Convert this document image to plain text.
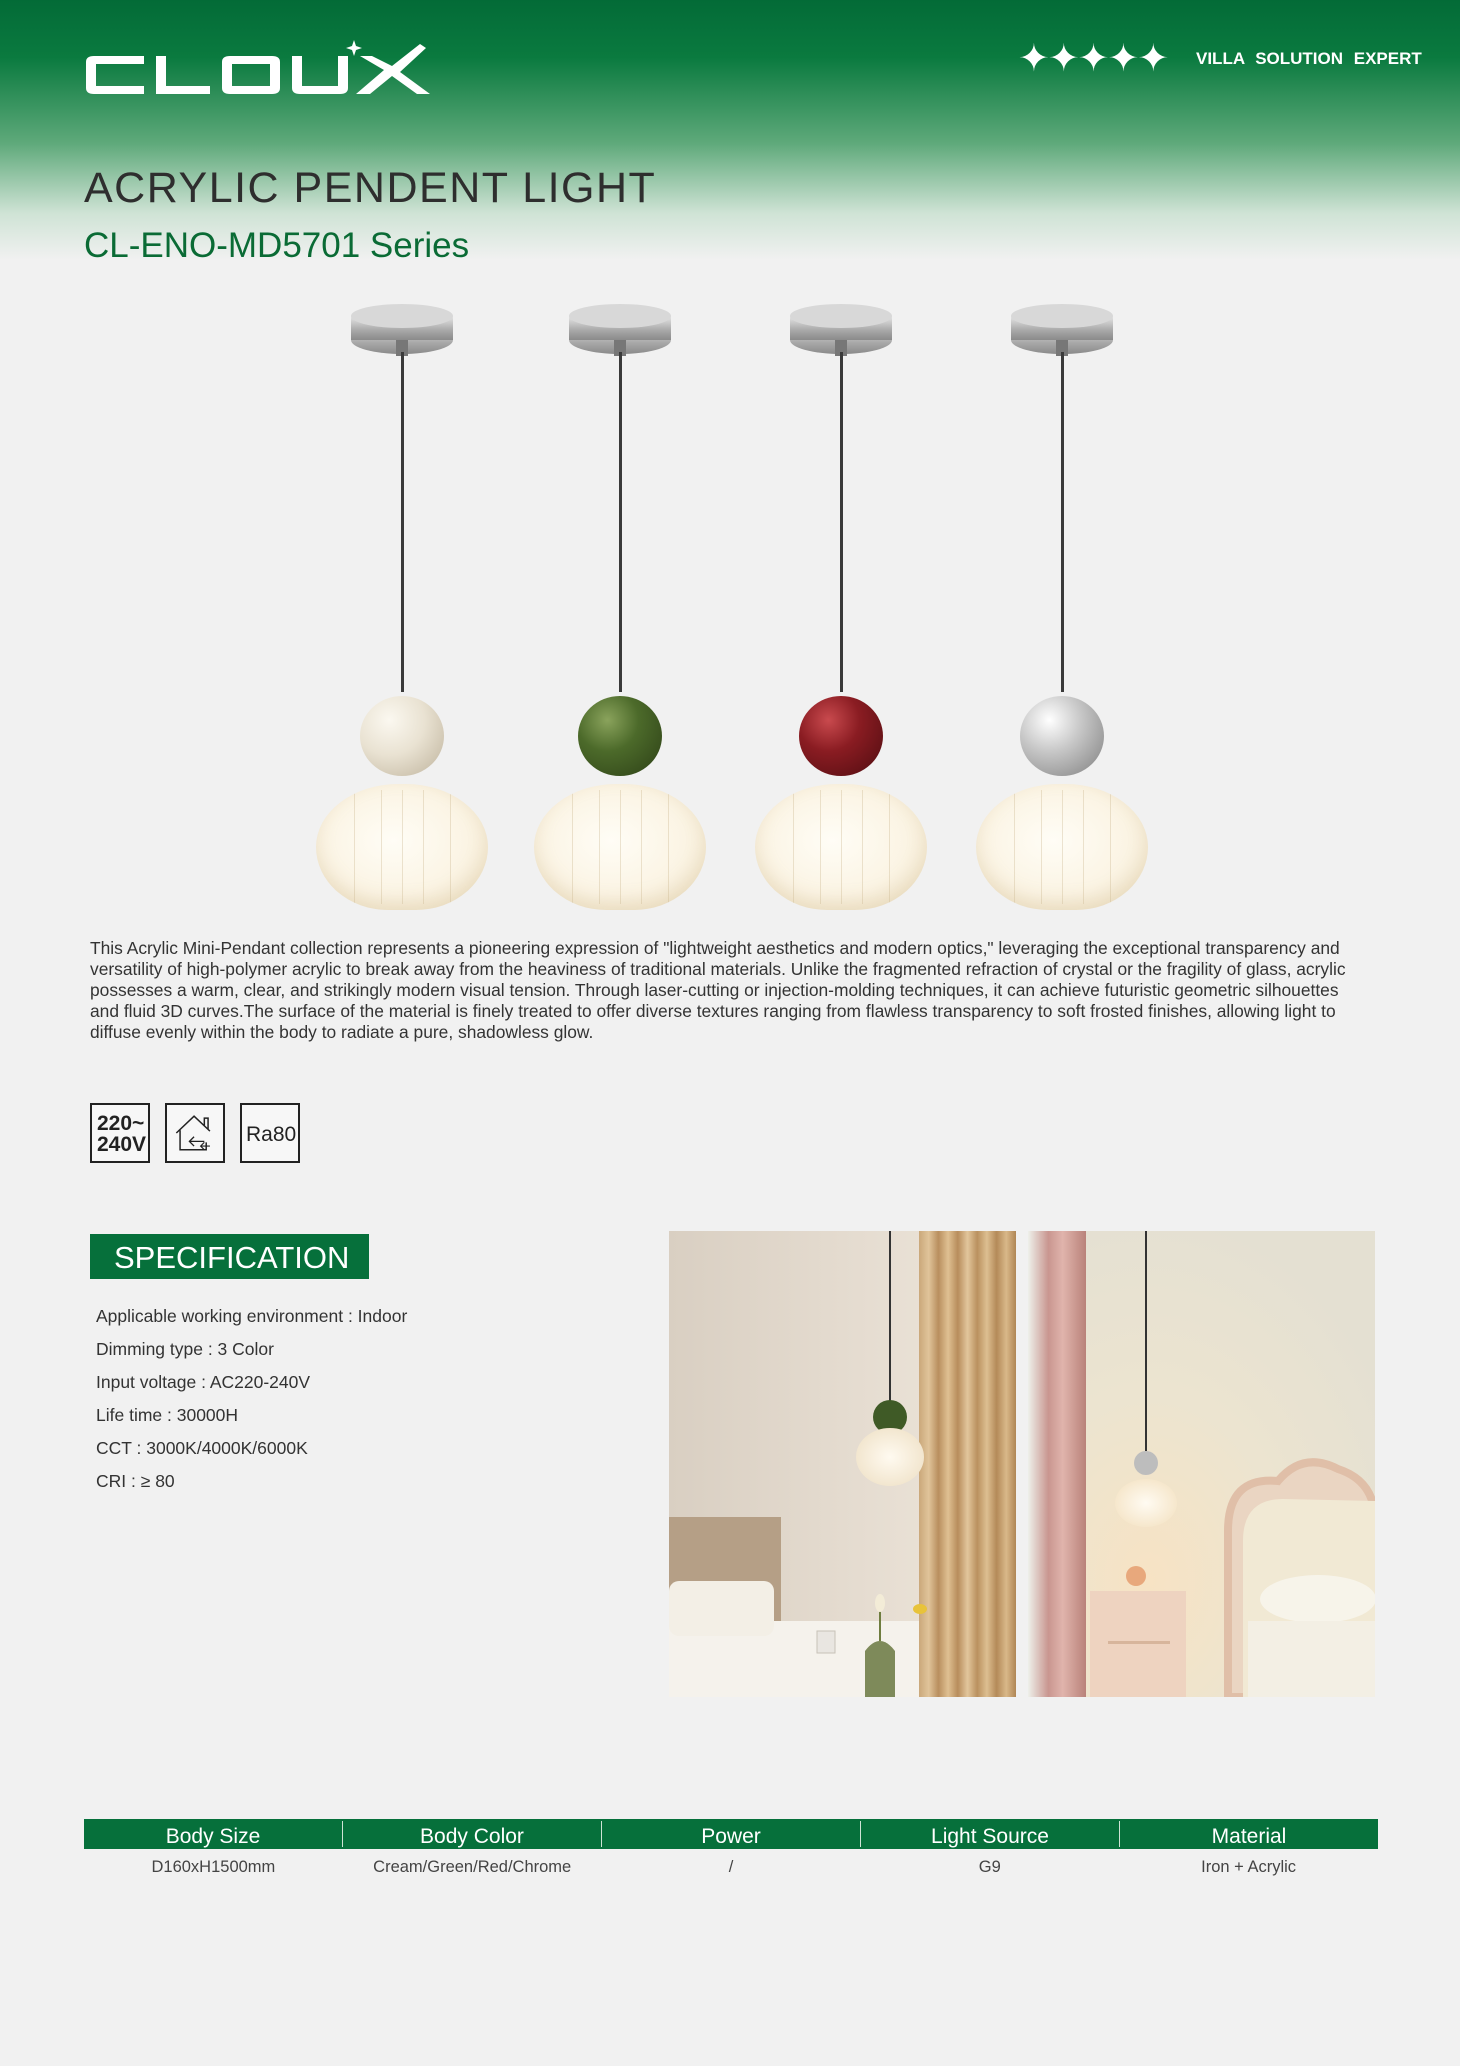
✦✦✦✦✦ VILLA SOLUTION EXPERT
ACRYLIC PENDENT LIGHT
CL-ENO-MD5701 Series

This Acrylic Mini-Pendant collection represents a pioneering expression of "lightweight aesthetics and modern optics," leveraging the exceptional transparency and versatility of high-polymer acrylic to break away from the heaviness of traditional materials. Unlike the fragmented refraction of crystal or the fragility of glass, acrylic possesses a warm, clear, and strikingly modern visual tension. Through laser-cutting or injection-molding techniques, it can achieve futuristic geometric silhouettes and fluid 3D curves.The surface of the material is finely treated to offer diverse textures ranging from flawless transparency to soft frosted finishes, allowing light to diffuse evenly within the body to radiate a pure, shadowless glow.

220~
240V	Ra80
SPECIFICATION
Applicable working environment : Indoor
Dimming type : 3 Color
Input voltage : AC220-240V
Life time : 30000H
CCT : 3000K/4000K/6000K
CRI : ≥ 80
Body Size	Body Color	Power	Light Source	Material
D160xH1500mm	Cream/Green/Red/Chrome	/	G9	Iron + Acrylic
